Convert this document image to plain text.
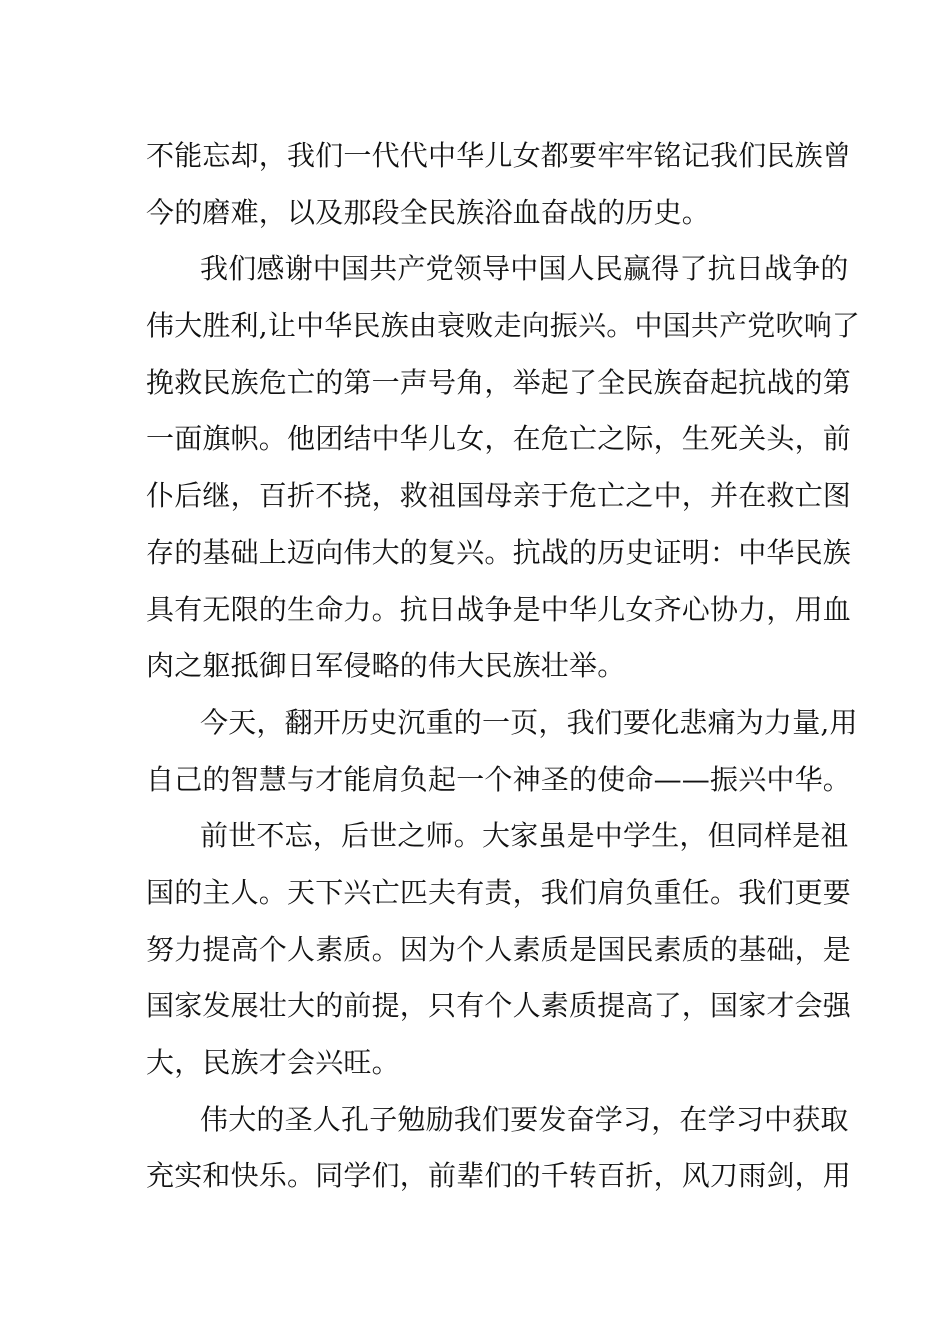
不能忘却，我们一代代中华儿女都要牢牢铭记我们民族曾
今的磨难，以及那段全民族浴血奋战的历史。
我们感谢中国共产党领导中国人民赢得了抗日战争的
伟大胜利,让中华民族由衰败走向振兴。中国共产党吹响了
挽救民族危亡的第一声号角，举起了全民族奋起抗战的第
一面旗帜。他团结中华儿女，在危亡之际，生死关头，前
仆后继，百折不挠，救祖国母亲于危亡之中，并在救亡图
存的基础上迈向伟大的复兴。抗战的历史证明：中华民族
具有无限的生命力。抗日战争是中华儿女齐心协力，用血
肉之躯抵御日军侵略的伟大民族壮举。
今天，翻开历史沉重的一页，我们要化悲痛为力量,用
自己的智慧与才能肩负起一个神圣的使命——振兴中华。
前世不忘，后世之师。大家虽是中学生，但同样是祖
国的主人。天下兴亡匹夫有责，我们肩负重任。我们更要
努力提高个人素质。因为个人素质是国民素质的基础，是
国家发展壮大的前提，只有个人素质提高了，国家才会强
大，民族才会兴旺。
伟大的圣人孔子勉励我们要发奋学习，在学习中获取
充实和快乐。同学们，前辈们的千转百折，风刀雨剑，用
